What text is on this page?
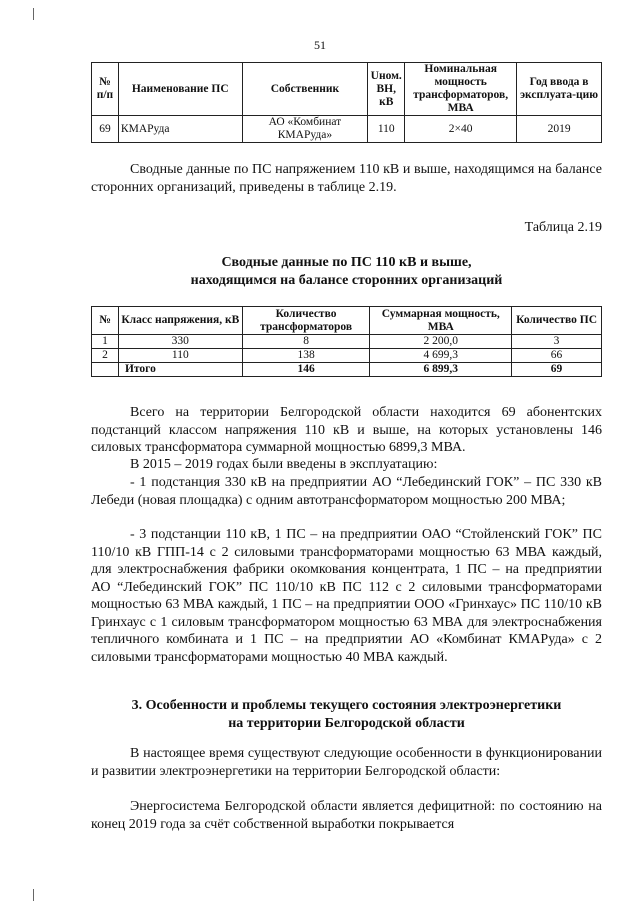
51
№ п/п	Наименование ПС	Собственник	Uном. ВН, кВ	Номинальная мощность трансформаторов, МВА	Год ввода в эксплуата-цию
69	КМАРуда	АО «Комбинат КМАРуда»	110	2×40	2019

Сводные данные по ПС напряжением 110 кВ и выше, находящимся на балансе сторонних организаций, приведены в таблице 2.19.

Таблица 2.19
Сводные данные по ПС 110 кВ и выше,
находящимся на балансе сторонних организаций
№	Класс напряжения, кВ	Количество трансформаторов	Суммарная мощность, МВА	Количество ПС
1	330	8	2 200,0	3
2	110	138	4 699,3	66
	Итого	146	6 899,3	69

Всего на территории Белгородской области находится 69 абонентских подстанций классом напряжения 110 кВ и выше, на которых установлены 146 силовых трансформатора суммарной мощностью 6899,3 МВА.

В 2015 – 2019 годах были введены в эксплуатацию:

- 1 подстанция 330 кВ на предприятии АО “Лебединский ГОК” – ПС 330 кВ Лебеди (новая площадка) с одним автотрансформатором мощностью 200 МВА;

- 3 подстанции 110 кВ, 1 ПС – на предприятии ОАО “Стойленский ГОК” ПС 110/10 кВ ГПП-14 с 2 силовыми трансформаторами мощностью 63 МВА каждый, для электроснабжения фабрики окомкования концентрата, 1 ПС – на предприятии АО “Лебединский ГОК” ПС 110/10 кВ ПС 112 с 2 силовыми трансформаторами мощностью 63 МВА каждый, 1 ПС – на предприятии ООО «Гринхаус» ПС 110/10 кВ Гринхаус с 1 силовым трансформатором мощностью 63 МВА для электроснабжения тепличного комбината и 1 ПС – на предприятии АО «Комбинат КМАРуда» с 2 силовыми трансформаторами мощностью 40 МВА каждый.

3. Особенности и проблемы текущего состояния электроэнергетики
на территории Белгородской области

В настоящее время существуют следующие особенности в функционировании и развитии электроэнергетики на территории Белгородской области:

Энергосистема Белгородской области является дефицитной: по состоянию на конец 2019 года за счёт собственной выработки покрывается
